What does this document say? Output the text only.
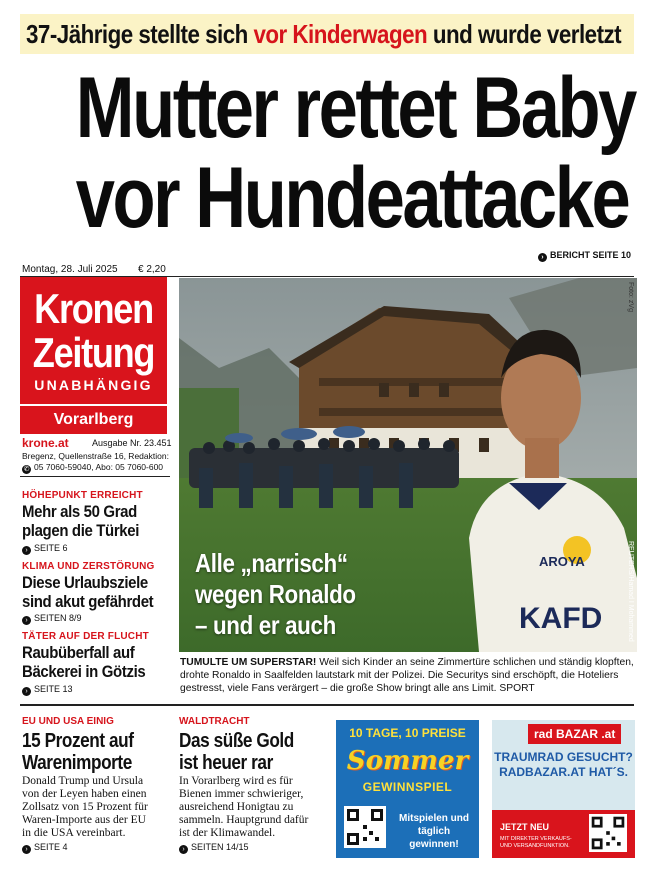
37-Jährige stellte sich vor Kinderwagen und wurde verletzt
Mutter rettet Baby
vor Hundeattacke
› BERICHT SEITE 10
Montag, 28. Juli 2025 € 2,20
Kronen
Zeitung
UNABHÄNGIG
Vorarlberg
krone.at	Ausgabe Nr. 23.451
Bregenz, Quellenstraße 16, Redaktion:
✆ 05 7060-59040, Abo: 05 7060-600
HÖHEPUNKT ERREICHT
Mehr als 50 Grad
plagen die Türkei
› SEITE 6
KLIMA UND ZERSTÖRUNG
Diese Urlaubsziele
sind akut gefährdet
› SEITEN 8/9
TÄTER AUF DER FLUCHT
Raubüberfall auf
Bäckerei in Götzis
› SEITE 13
AROYA
KAFD
Foto: zVg
REUTERS/Hamad I Mohammed
Alle „narrisch“
wegen Ronaldo
– und er auch
TUMULTE UM SUPERSTAR! Weil sich Kinder an seine Zimmertüre schlichen und ständig klopften, drohte Ronaldo in Saalfelden lautstark mit der Polizei. Die Securitys sind erschöpft, die Hoteliers gestresst, viele Fans verärgert – die große Show bringt alle ans Limit. SPORT
EU UND USA EINIG
15 Prozent auf
Warenimporte
Donald Trump und Ursula
von der Leyen haben einen
Zollsatz von 15 Prozent für
Waren-Importe aus der EU
in die USA vereinbart.
› SEITE 4
WALDTRACHT
Das süße Gold
ist heuer rar
In Vorarlberg wird es für
Bienen immer schwieriger,
ausreichend Honigtau zu
sammeln. Hauptgrund dafür
ist der Klimawandel.
› SEITEN 14/15
10 TAGE, 10 PREISE
Sommer
GEWINNSPIEL
Mitspielen und täglich gewinnen!
rad BAZAR .at
TRAUMRAD GESUCHT? RADBAZAR.AT HAT´S.
JETZT NEU
MIT DIREKTER VERKAUFS- UND VERSANDFUNKTION.
